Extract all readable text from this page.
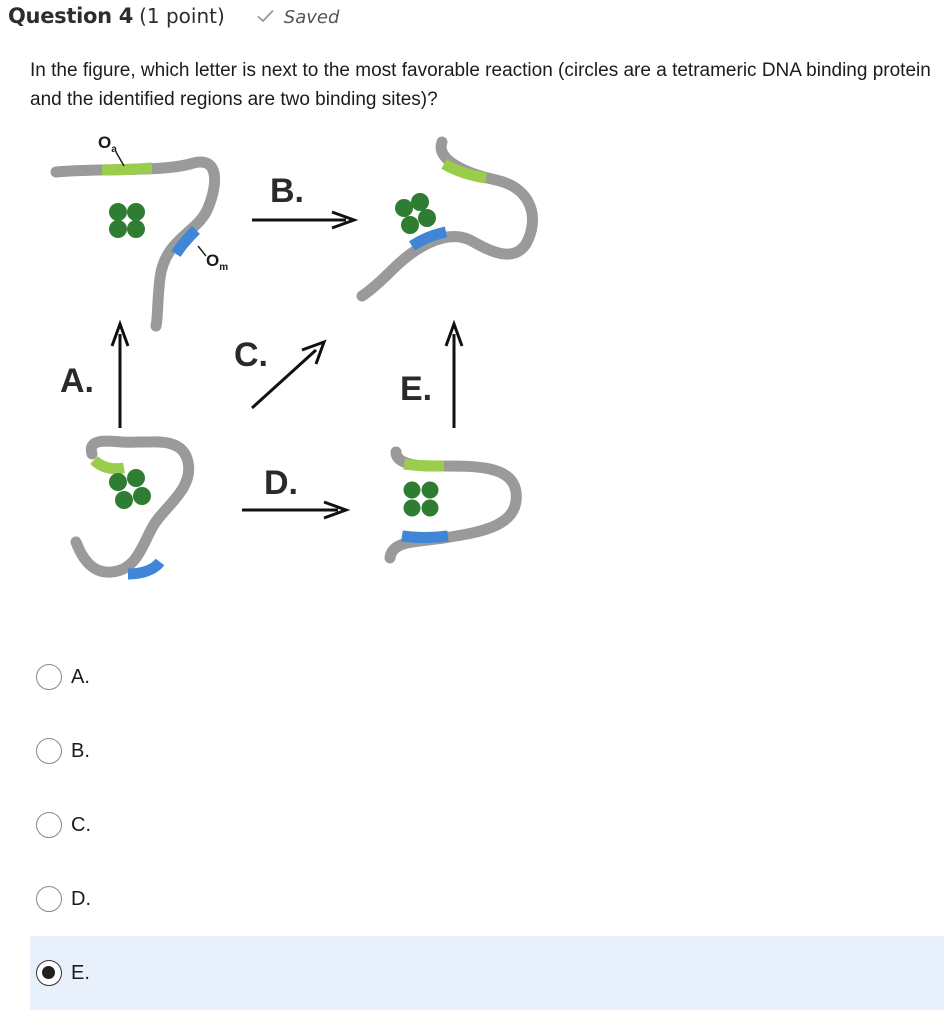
Question 4 (1 point)	Saved
In the figure, which letter is next to the most favorable reaction (circles are a tetrameric DNA binding protein and the identified regions are two binding sites)?
$O_a$
$O_m$
B.
A.
C.
E.
D.
A.
B.
C.
D.
E.
